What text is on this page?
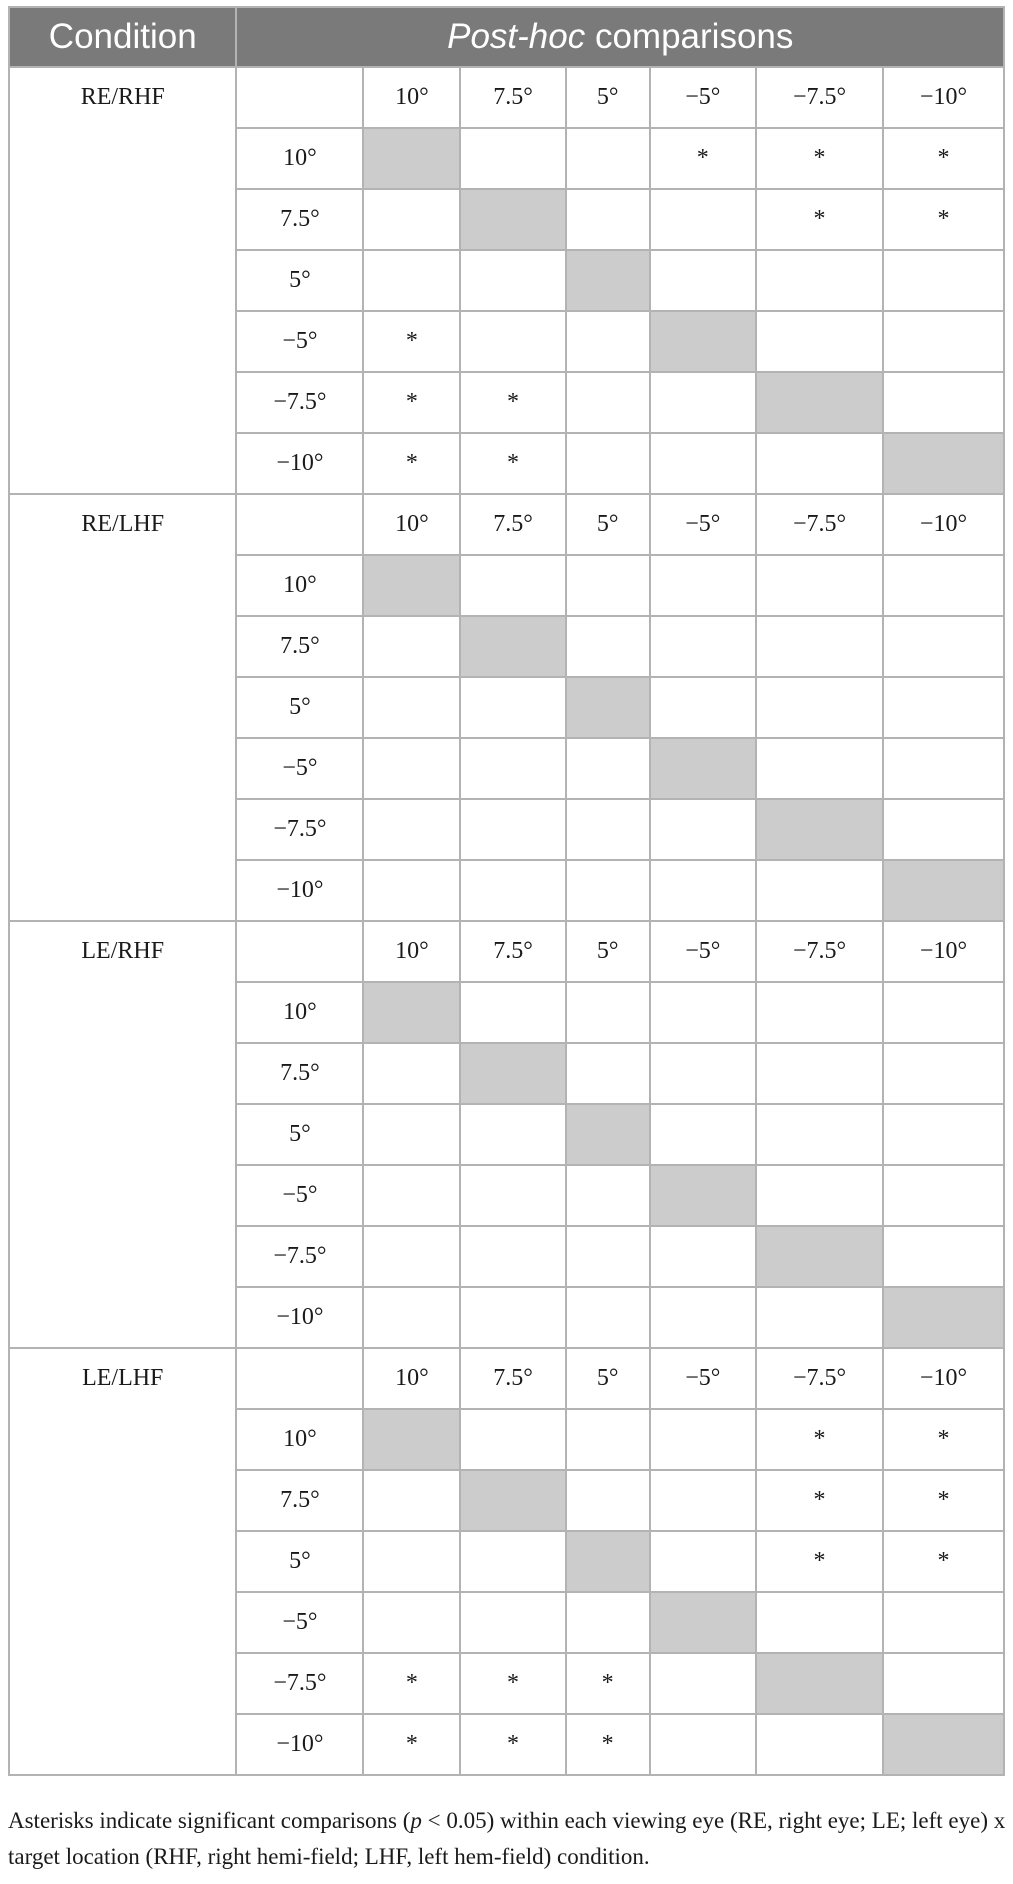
Condition	Post-hoc comparisons						
RE/RHF		10°	7.5°	5°	−5°	−7.5°	−10°
	10°				*	*	*
	7.5°					*	*
	5°						
	−5°	*					
	−7.5°	*	*				
	−10°	*	*				
RE/LHF		10°	7.5°	5°	−5°	−7.5°	−10°
	10°						
	7.5°						
	5°						
	−5°						
	−7.5°						
	−10°						
LE/RHF		10°	7.5°	5°	−5°	−7.5°	−10°
	10°						
	7.5°						
	5°						
	−5°						
	−7.5°						
	−10°						
LE/LHF		10°	7.5°	5°	−5°	−7.5°	−10°
	10°					*	*
	7.5°					*	*
	5°					*	*
	−5°						
	−7.5°	*	*	*			
	−10°	*	*	*			
Asterisks indicate significant comparisons (p < 0.05) within each viewing eye (RE, right eye; LE; left eye) x target location (RHF, right hemi-field; LHF, left hem-field) condition.
